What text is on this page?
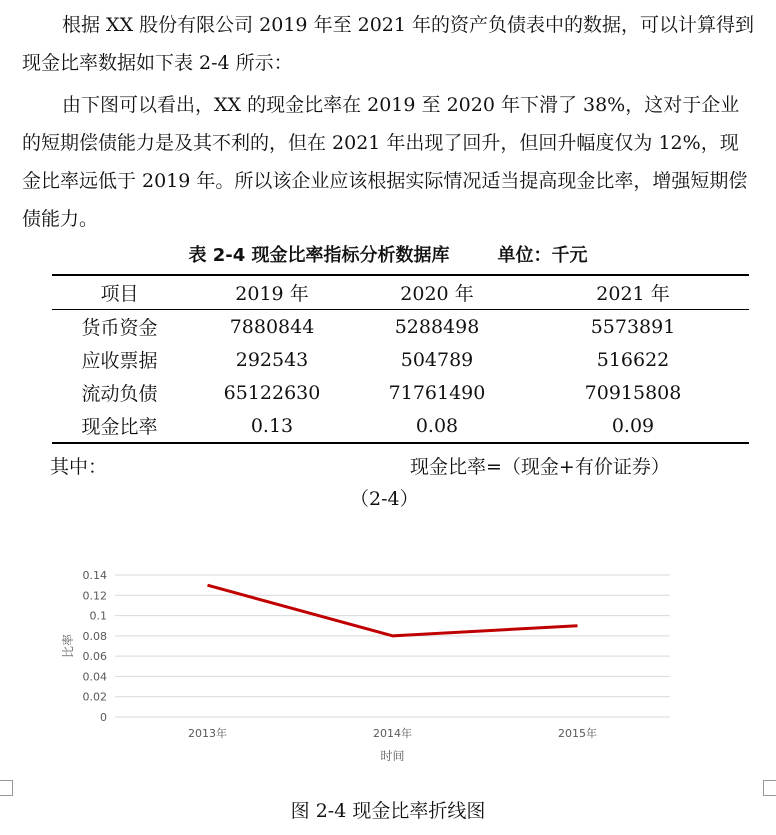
根据 XX 股份有限公司 2019 年至 2021 年的资产负债表中的数据，可以计算得到现金比率数据如下表 2-4 所示：

由下图可以看出，XX 的现金比率在 2019 至 2020 年下滑了 38%，这对于企业的短期偿债能力是及其不利的，但在 2021 年出现了回升，但回升幅度仅为 12%，现金比率远低于 2019 年。所以该企业应该根据实际情况适当提高现金比率，增强短期偿债能力。

表 2-4 现金比率指标分析数据库	单位：千元
项目	2019 年	2020 年	2021 年
货币资金	7880844	5288498	5573891
应收票据	292543	504789	516622
流动负债	65122630	71761490	70915808
现金比率	0.13	0.08	0.09
其中：	现金比率=（现金+有价证券）
（2-4）
0
0.02
0.04
0.06
0.08
0.1
0.12
0.14
2013年	2014年	2015年
时间
比率
图 2-4 现金比率折线图
